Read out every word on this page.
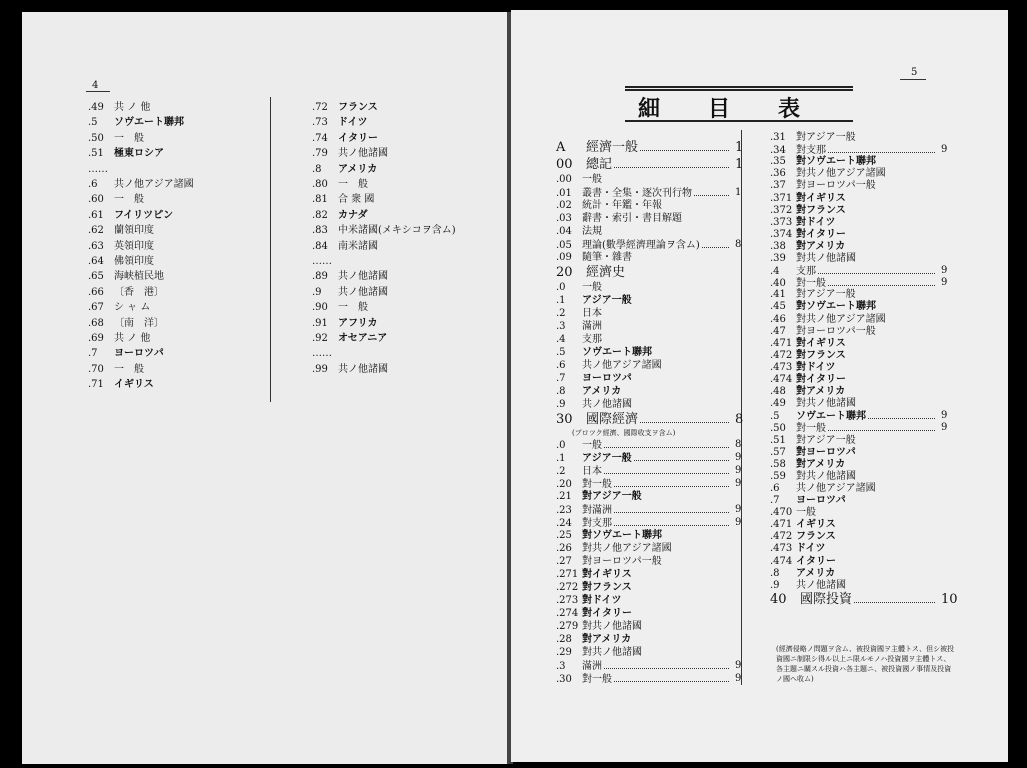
4
5
細目表
.49 共 ノ 他
.5 ソヴエート聯邦
.50 一　般
.51 極東ロシア
……
.6 共ノ他アジア諸國
.60 一　般
.61 フイリツピン
.62 蘭領印度
.63 英領印度
.64 佛領印度
.65 海峡植民地
.66 〔香　港〕
.67 シ ャ ム
.68 〔南　洋〕
.69 共 ノ 他
.7 ヨーロツパ
.70 一　般
.71 イギリス
.72 フランス
.73 ドイツ
.74 イタリー
.79 共ノ他諸國
.8 アメリカ
.80 一　般
.81 合 衆 國
.82 カナダ
.83 中米諸國(メキシコヲ含ム)
.84 南米諸國
……
.89 共ノ他諸國
.9 共ノ他諸國
.90 一　般
.91 アフリカ
.92 オセアニア
……
.99 共ノ他諸國
A 經濟一般	1
00 總記	1
.00 一般
.01 叢書・全集・逐次刊行物	1
.02 統計・年鑑・年報
.03 辭書・索引・書目解題
.04 法規
.05 理論(數學經濟理論ヲ含ム)	8
.09 隨筆・雜書
20 經濟史
.0 一般
.1 アジア一般
.2 日本
.3 滿洲
.4 支那
.5 ソヴエート聯邦
.6 共ノ他アジア諸國
.7 ヨーロツパ
.8 アメリカ
.9 共ノ他諸國
30 國際經濟	8
(ブロツク經濟、國際收支ヲ含ム)
.0 一般	8
.1 アジア一般	9
.2 日本	9
.20 對一般	9
.21 對アジア一般
.23 對滿洲	9
.24 對支那	9
.25 對ソヴエート聯邦
.26 對共ノ他アジア諸國
.27 對ヨーロツパ一般
.271 對イギリス
.272 對フランス
.273 對ドイツ
.274 對イタリー
.279 對共ノ他諸國
.28 對アメリカ
.29 對共ノ他諸國
.3 滿洲	9
.30 對一般	9
.31 對アジア一般
.34 對支那	9
.35 對ソヴエート聯邦
.36 對共ノ他アジア諸國
.37 對ヨーロツパ一般
.371 對イギリス
.372 對フランス
.373 對ドイツ
.374 對イタリー
.38 對アメリカ
.39 對共ノ他諸國
.4 支那	9
.40 對一般	9
.41 對アジア一般
.45 對ソヴエート聯邦
.46 對共ノ他アジア諸國
.47 對ヨーロツパ一般
.471 對イギリス
.472 對フランス
.473 對ドイツ
.474 對イタリー
.48 對アメリカ
.49 對共ノ他諸國
.5 ソヴエート聯邦	9
.50 對一般	9
.51 對アジア一般
.57 對ヨーロツパ
.58 對アメリカ
.59 對共ノ他諸國
.6 共ノ他アジア諸國
.7 ヨーロツパ
.470 一般
.471 イギリス
.472 フランス
.473 ドイツ
.474 イタリー
.8 アメリカ
.9 共ノ他諸國
40 國際投資	10
(經濟侵略ノ問題ヲ含ム、被投資國ヲ主體トス、但シ被投資國ニ制限シ得ル以上ニ限ルモノハ投資國ヲ主體トス、各主題ニ關スル投資ハ各主題ニ、被投資國ノ事情及投資ノ國ヘ收ム)
